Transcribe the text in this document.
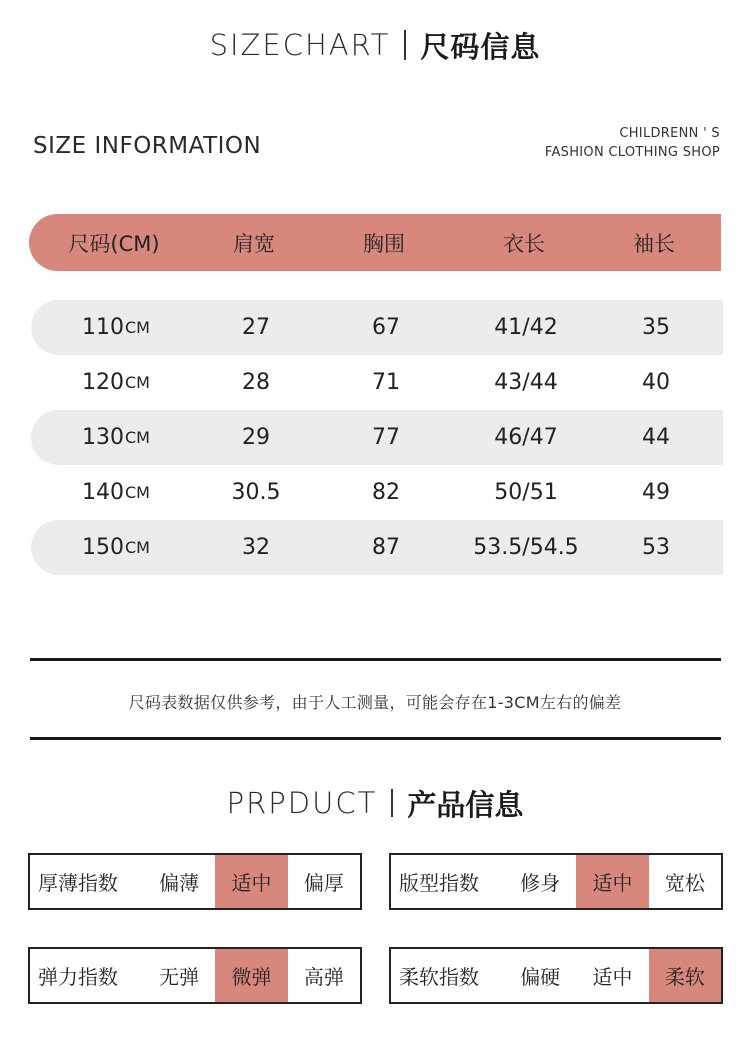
SIZECHART 尺码信息
SIZE INFORMATION	CHILDRENN ' S
FASHION CLOTHING SHOP
尺码(CM)	肩宽	胸围	衣长	袖长
110 CM	27	67	41/42	35
120 CM	28	71	43/44	40
130 CM	29	77	46/47	44
140 CM	30.5	82	50/51	49
150 CM	32	87	53.5/54.5	53
尺码表数据仅供参考，由于人工测量，可能会存在1-3CM左右的偏差
PRPDUCT 产品信息
厚薄指数	偏薄	适中	偏厚	版型指数	修身	适中	宽松
弹力指数	无弹	微弹	高弹	柔软指数	偏硬	适中	柔软
